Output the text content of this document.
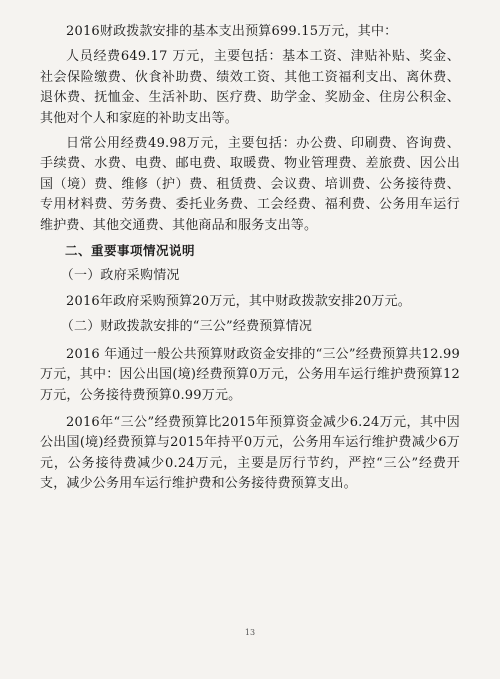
2016财政拨款安排的基本支出预算699.15万元，其中：

人员经费649.17 万元，主要包括：基本工资、津贴补贴、奖金、社会保险缴费、伙食补助费、绩效工资、其他工资福利支出、离休费、退休费、抚恤金、生活补助、医疗费、助学金、奖励金、住房公积金、其他对个人和家庭的补助支出等。

日常公用经费49.98万元，主要包括：办公费、印刷费、咨询费、手续费、水费、电费、邮电费、取暖费、物业管理费、差旅费、因公出国（境）费、维修（护）费、租赁费、会议费、培训费、公务接待费、专用材料费、劳务费、委托业务费、工会经费、福利费、公务用车运行维护费、其他交通费、其他商品和服务支出等。

二、重要事项情况说明

（一）政府采购情况

2016年政府采购预算20万元，其中财政拨款安排20万元。

（二）财政拨款安排的“三公”经费预算情况

2016 年通过一般公共预算财政资金安排的“三公”经费预算共12.99万元，其中：因公出国(境)经费预算0万元，公务用车运行维护费预算12万元，公务接待费预算0.99万元。

2016年“三公”经费预算比2015年预算资金减少6.24万元，其中因公出国(境)经费预算与2015年持平0万元，公务用车运行维护费减少6万元，公务接待费减少0.24万元，主要是厉行节约，严控“三公”经费开支，减少公务用车运行维护费和公务接待费预算支出。

13
